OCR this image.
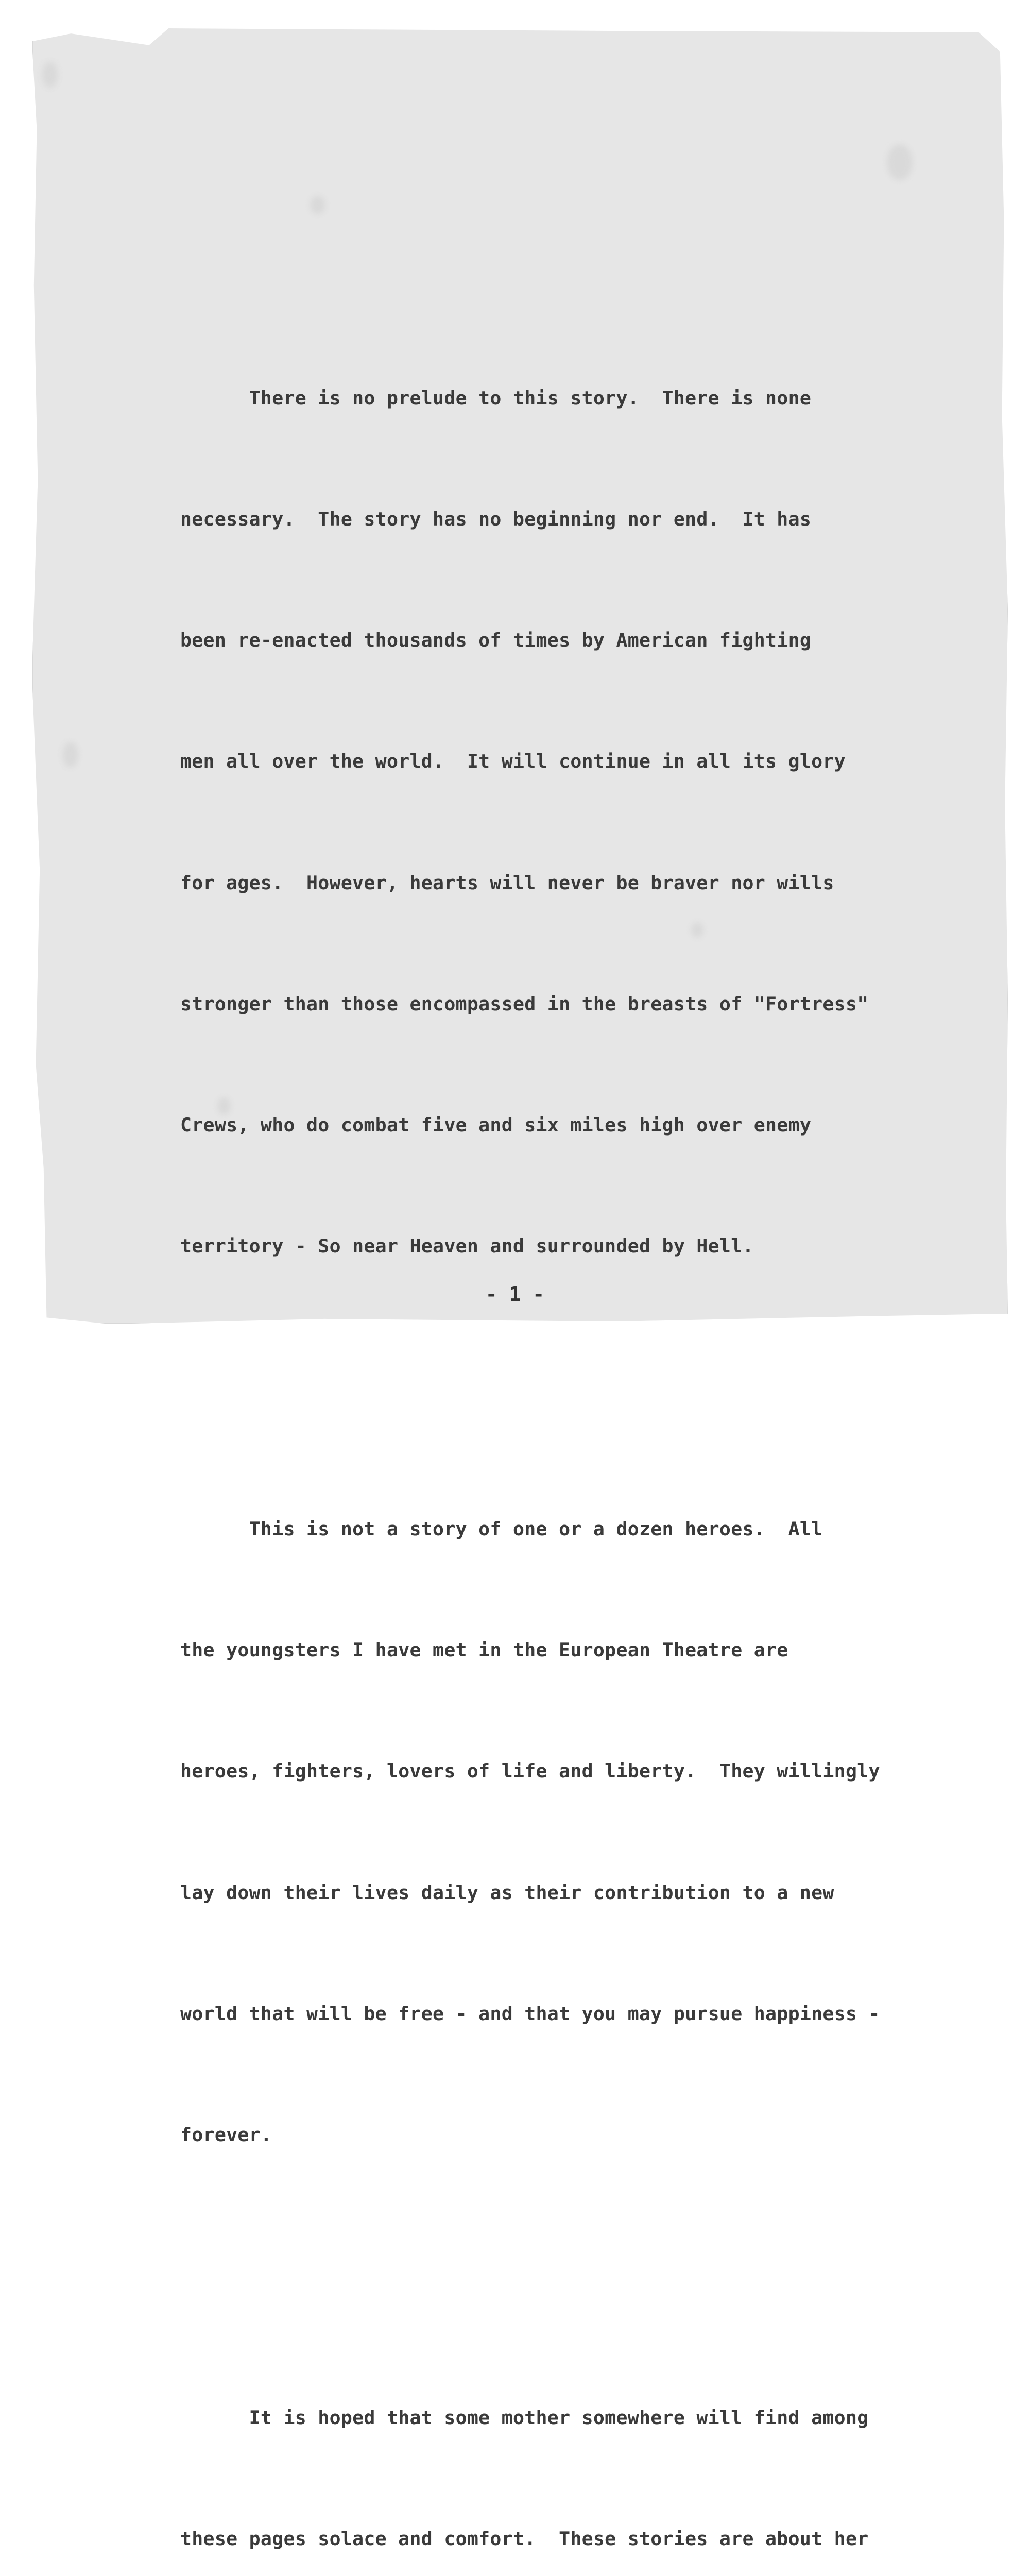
There is no prelude to this story.  There is none

necessary.  The story has no beginning nor end.  It has

been re-enacted thousands of times by American fighting

men all over the world.  It will continue in all its glory

for ages.  However, hearts will never be braver nor wills

stronger than those encompassed in the breasts of "Fortress"

Crews, who do combat five and six miles high over enemy

territory - So near Heaven and surrounded by Hell.

This is not a story of one or a dozen heroes.  All

the youngsters I have met in the European Theatre are

heroes, fighters, lovers of life and liberty.  They willingly

lay down their lives daily as their contribution to a new

world that will be free - and that you may pursue happiness -

forever.

It is hoped that some mother somewhere will find among

these pages solace and comfort.  These stories are about her

- 1 -
